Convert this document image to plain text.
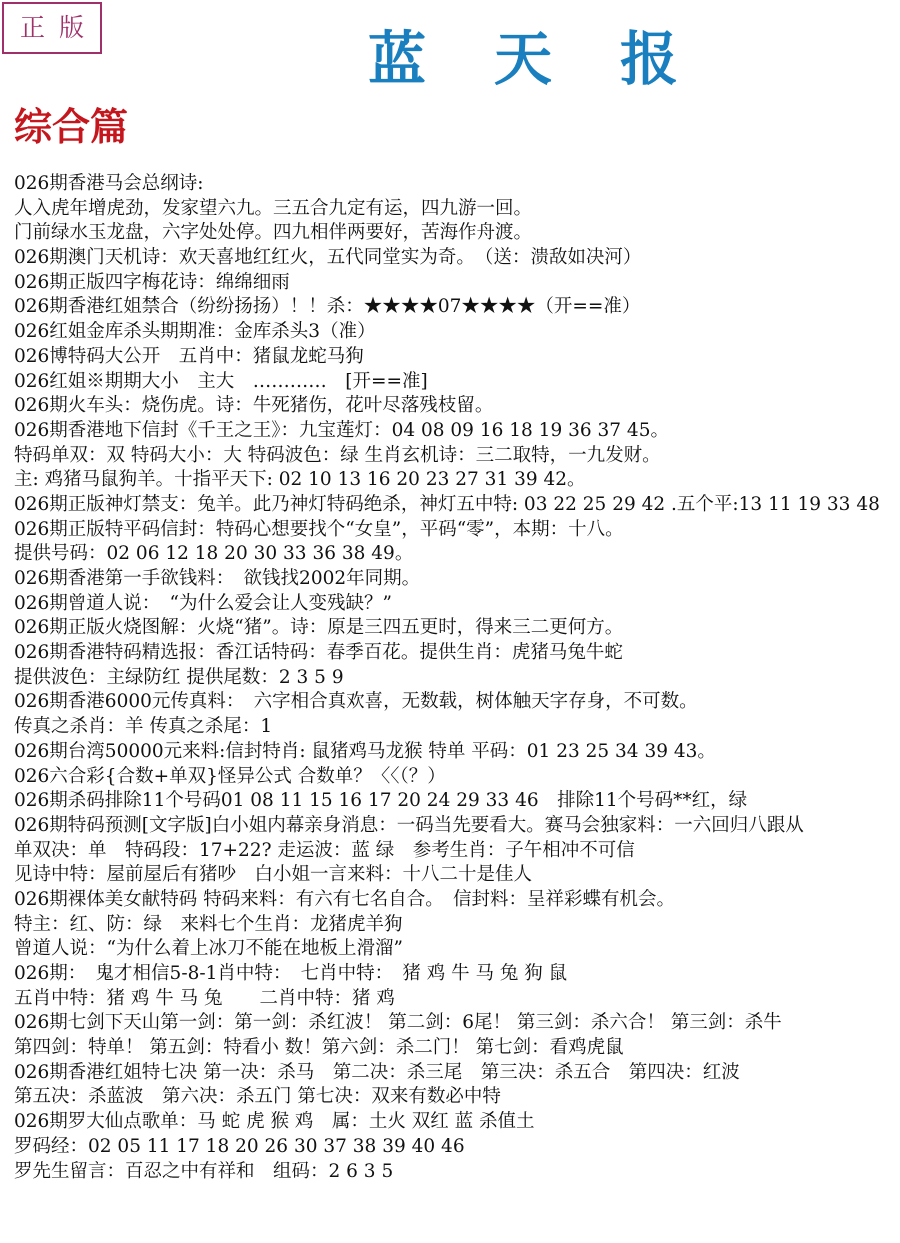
正版	蓝天报
综合篇
026期香港马会总纲诗:
人入虎年增虎劲，发家望六九。三五合九定有运，四九游一回。
门前绿水玉龙盘，六字处处停。四九相伴两要好，苦海作舟渡。
026期澳门天机诗：欢天喜地红红火，五代同堂实为奇。　（送：溃敌如决河）
026期正版四字梅花诗：绵绵细雨
026期香港红姐禁合（纷纷扬扬）！！杀：★★★★07★★★★（开==准）
026红姐金库杀头期期准：金库杀头3（准）
026博特码大公开　五肖中：猪鼠龙蛇马狗
026红姐※期期大小　主大　…………　[开==准]
026期火车头：烧伤虎。诗：牛死猪伤，花叶尽落残枝留。
026期香港地下信封《千王之王》：九宝莲灯：04 08 09 16 18 19 36 37 45。
特码单双：双 特码大小：大 特码波色：绿 生肖玄机诗：三二取特，一九发财。
主: 鸡猪马鼠狗羊。十指平天下: 02 10 13 16 20 23 27 31 39 42。
026期正版神灯禁支：兔羊。此乃神灯特码绝杀，神灯五中特: 03 22 25 29 42 .五个平:13 11 19 33 48
026期正版特平码信封：特码心想要找个“女皇”，平码“零”，本期：十八。
提供号码：02 06 12 18 20 30 33 36 38 49。
026期香港第一手欲钱料：　欲钱找2002年同期。
026期曾道人说：　“为什么爱会让人变残缺？”
026期正版火烧图解：火烧“猪”。诗：原是三四五更时，得来三二更何方。
026期香港特码精选报：香江话特码：春季百花。提供生肖：虎猪马兔牛蛇
提供波色：主绿防红 提供尾数：2 3 5 9
026期香港6000元传真料：　六字相合真欢喜，无数载，树体触天字存身，不可数。
传真之杀肖：羊 传真之杀尾：1
026期台湾50000元来料:信封特肖: 鼠猪鸡马龙猴 特单 平码：01 23 25 34 39 43。
026六合彩{合数+单双}怪异公式 合数单？〈〈（？）
026期杀码排除11个号码01 08 11 15 16 17 20 24 29 33 46　排除11个号码**红，绿
026期特码预测[文字版]白小姐内幕亲身消息：一码当先要看大。赛马会独家料：一六回归八跟从
单双决：单　特码段：17+22? 走运波：蓝 绿　参考生肖：子午相冲不可信
见诗中特：屋前屋后有猪吵　白小姐一言来料：十八二十是佳人
026期裸体美女献特码 特码来料：有六有七名自合。　信封料：呈祥彩蝶有机会。
特主：红、防：绿　来料七个生肖：龙猪虎羊狗
曾道人说：“为什么着上冰刀不能在地板上滑溜”
026期：　鬼才相信5-8-1肖中特：　七肖中特：　猪 鸡 牛 马 兔 狗 鼠
五肖中特：猪 鸡 牛 马 兔　　二肖中特：猪 鸡
026期七剑下天山第一剑：第一剑：杀红波！ 第二剑：6尾！ 第三剑：杀六合！ 第三剑：杀牛
第四剑：特单！ 第五剑：特看小 数！第六剑：杀二门！ 第七剑：看鸡虎鼠
026期香港红姐特七决 第一决：杀马　第二决：杀三尾　第三决：杀五合　第四决：红波
第五决：杀蓝波　第六决：杀五门 第七决：双来有数必中特
026期罗大仙点歌单：马 蛇 虎 猴 鸡　属：土火 双红 蓝 杀值土
罗码经：02 05 11 17 18 20 26 30 37 38 39 40 46
罗先生留言：百忍之中有祥和　组码：2 6 3 5
